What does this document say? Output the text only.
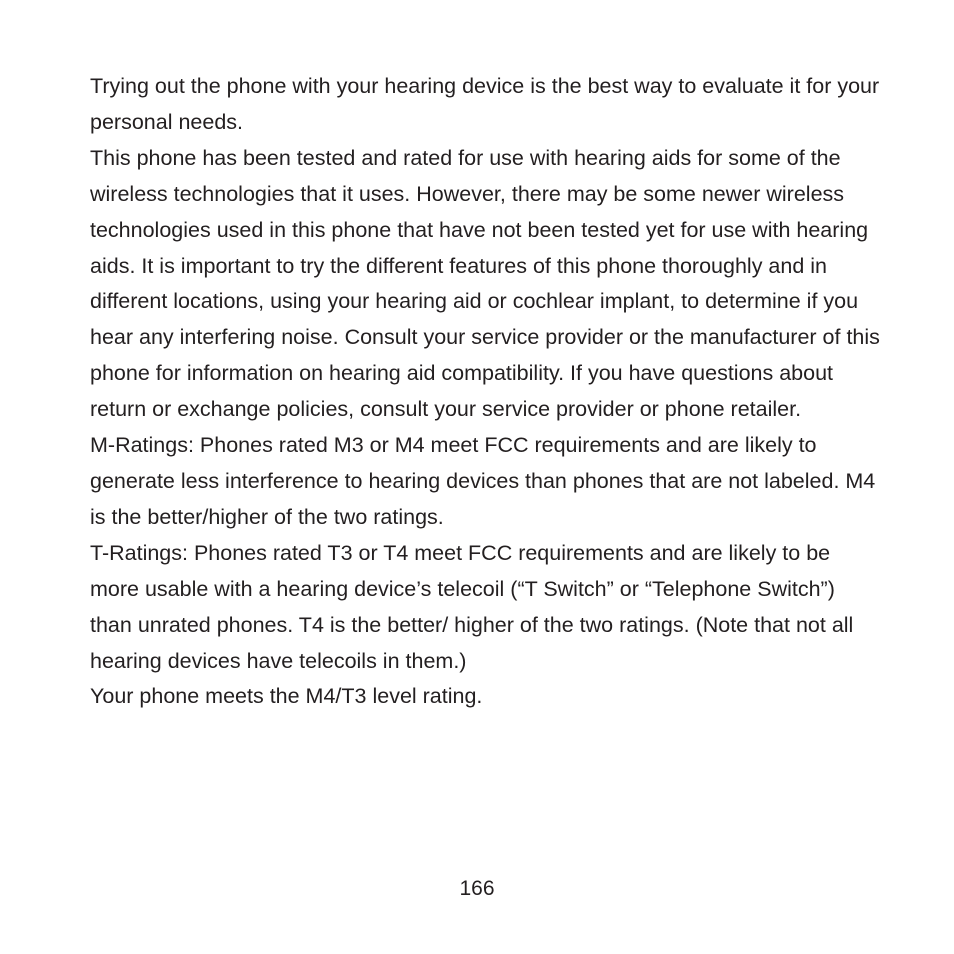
Trying out the phone with your hearing device is the best way to evaluate it for your personal needs.

This phone has been tested and rated for use with hearing aids for some of the wireless technologies that it uses. However, there may be some newer wireless technologies used in this phone that have not been tested yet for use with hearing aids. It is important to try the different features of this phone thoroughly and in different locations, using your hearing aid or cochlear implant, to determine if you hear any interfering noise. Consult your service provider or the manufacturer of this phone for information on hearing aid compatibility. If you have questions about return or exchange policies, consult your service provider or phone retailer.

M-Ratings: Phones rated M3 or M4 meet FCC requirements and are likely to generate less interference to hearing devices than phones that are not labeled. M4 is the better/higher of the two ratings.

T-Ratings: Phones rated T3 or T4 meet FCC requirements and are likely to be more usable with a hearing device’s telecoil (“T Switch” or “Telephone Switch”) than unrated phones. T4 is the better/ higher of the two ratings. (Note that not all hearing devices have telecoils in them.)

Your phone meets the M4/T3 level rating.

166
